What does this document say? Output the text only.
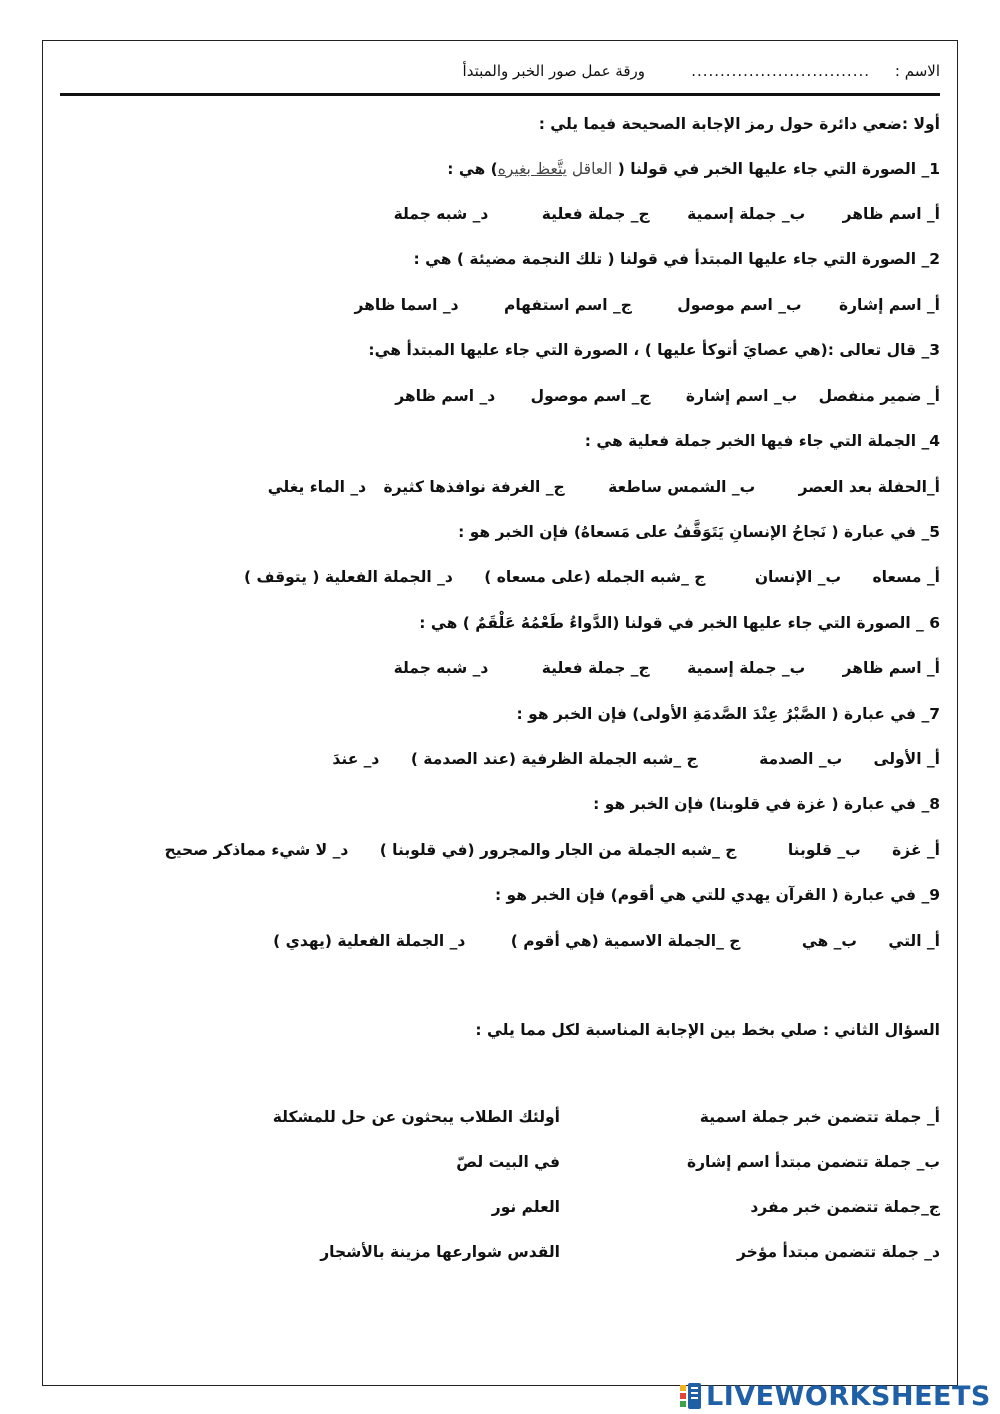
الاسم :
...............................
ورقة عمل صور الخبر والمبتدأ
أولا :ضعي دائرة حول رمز الإجابة الصحيحة فيما يلي :
1_ الصورة التي جاء عليها الخبر في قولنا ( العاقل يتَّعظ بغيره) هي :
أ_ اسم ظاهر ب_ جملة إسمية ج_ جملة فعلية د_ شبه جملة
2_ الصورة التي جاء عليها المبتدأ في قولنا ( تلك النجمة مضيئة ) هي :
أ_ اسم إشارة ب_ اسم موصول ج_ اسم استفهام د_ اسما ظاهر
3_ قال تعالى :(هي عصايَ أتوكأ عليها ) ، الصورة التي جاء عليها المبتدأ هي:
أ_ ضمير منفصل ب_ اسم إشارة ج_ اسم موصول د_ اسم ظاهر
4_ الجملة التي جاء فيها الخبر جملة فعلية هي :
أ_الحفلة بعد العصر ب_ الشمس ساطعة ج_ الغرفة نوافذها كثيرة د_ الماء يغلي
5_ في عبارة ( نَجاحُ الإنسانِ يَتَوَقَّفُ على مَسعاهُ) فإن الخبر هو :
أ_ مسعاه ب_ الإنسان ج _شبه الجمله (على مسعاه ) د_ الجملة الفعلية ( يتوقف )
6 _ الصورة التي جاء عليها الخبر في قولنا (الدَّواءُ طَعْمُهُ عَلْقَمٌ ) هي :
أ_ اسم ظاهر ب_ جملة إسمية ج_ جملة فعلية د_ شبه جملة
7_ في عبارة ( الصَّبْرُ عِنْدَ الصَّدمَةِ الأولى) فإن الخبر هو :
أ_ الأولى ب_ الصدمة ج _شبه الجملة الظرفية (عند الصدمة ) د_ عندَ
8_ في عبارة ( غزة في قلوبنا) فإن الخبر هو :
أ_ غزة ب_ قلوبنا ج _شبه الجملة من الجار والمجرور (في قلوبنا ) د_ لا شيء مماذكر صحيح
9_ في عبارة ( القرآن يهدي للتي هي أقوم) فإن الخبر هو :
أ_ التي ب_ هي ج _الجملة الاسمية (هي أقوم ) د_ الجملة الفعلية (يهدي )
السؤال الثاني : صلي بخط بين الإجابة المناسبة لكل مما يلي :
أ_ جملة تتضمن خبر جملة اسمية
أولئك الطلاب يبحثون عن حل للمشكلة
ب_ جملة تتضمن مبتدأ اسم إشارة
في البيت لصّ
ج_جملة تتضمن خبر مفرد
العلم نور
د_ جملة تتضمن مبتدأ مؤخر
القدس شوارعها مزينة بالأشجار
LIVEWORKSHEETS
